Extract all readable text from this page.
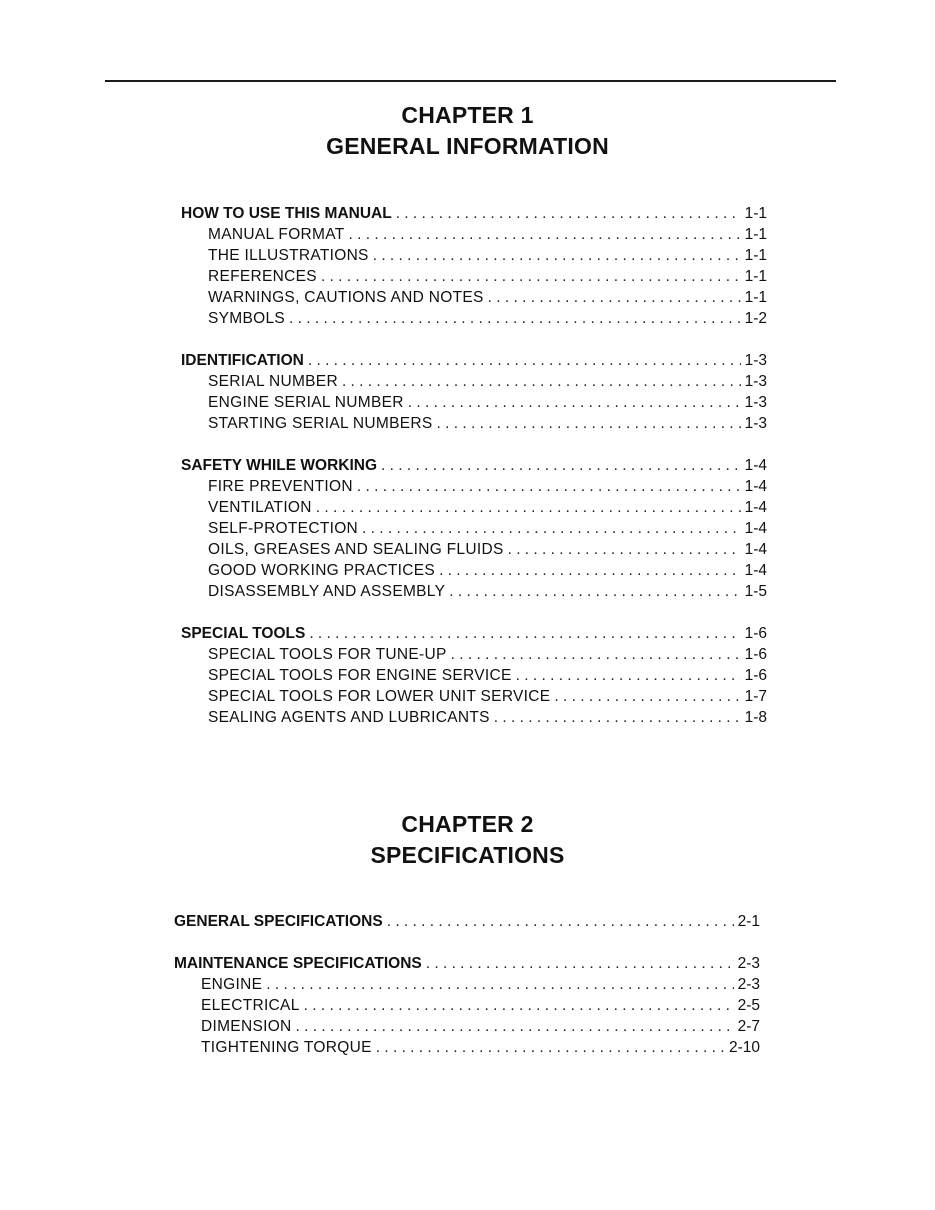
CHAPTER 1
GENERAL INFORMATION
HOW TO USE THIS MANUAL . . .	1-1
MANUAL FORMAT . . .	1-1
THE ILLUSTRATIONS . . .	1-1
REFERENCES . . .	1-1
WARNINGS, CAUTIONS AND NOTES . . .	1-1
SYMBOLS . . .	1-2
IDENTIFICATION . . .	1-3
SERIAL NUMBER . . .	1-3
ENGINE SERIAL NUMBER . . .	1-3
STARTING SERIAL NUMBERS . . .	1-3
SAFETY WHILE WORKING . . .	1-4
FIRE PREVENTION . . .	1-4
VENTILATION . . .	1-4
SELF-PROTECTION . . .	1-4
OILS, GREASES AND SEALING FLUIDS . . .	1-4
GOOD WORKING PRACTICES . . .	1-4
DISASSEMBLY AND ASSEMBLY . . .	1-5
SPECIAL TOOLS . . .	1-6
SPECIAL TOOLS FOR TUNE-UP . . .	1-6
SPECIAL TOOLS FOR ENGINE SERVICE . . .	1-6
SPECIAL TOOLS FOR LOWER UNIT SERVICE . . .	1-7
SEALING AGENTS AND LUBRICANTS . . .	1-8
CHAPTER 2
SPECIFICATIONS
GENERAL SPECIFICATIONS . . .	2-1
MAINTENANCE SPECIFICATIONS . . .	2-3
ENGINE . . .	2-3
ELECTRICAL . . .	2-5
DIMENSION . . .	2-7
TIGHTENING TORQUE . . .	2-10
